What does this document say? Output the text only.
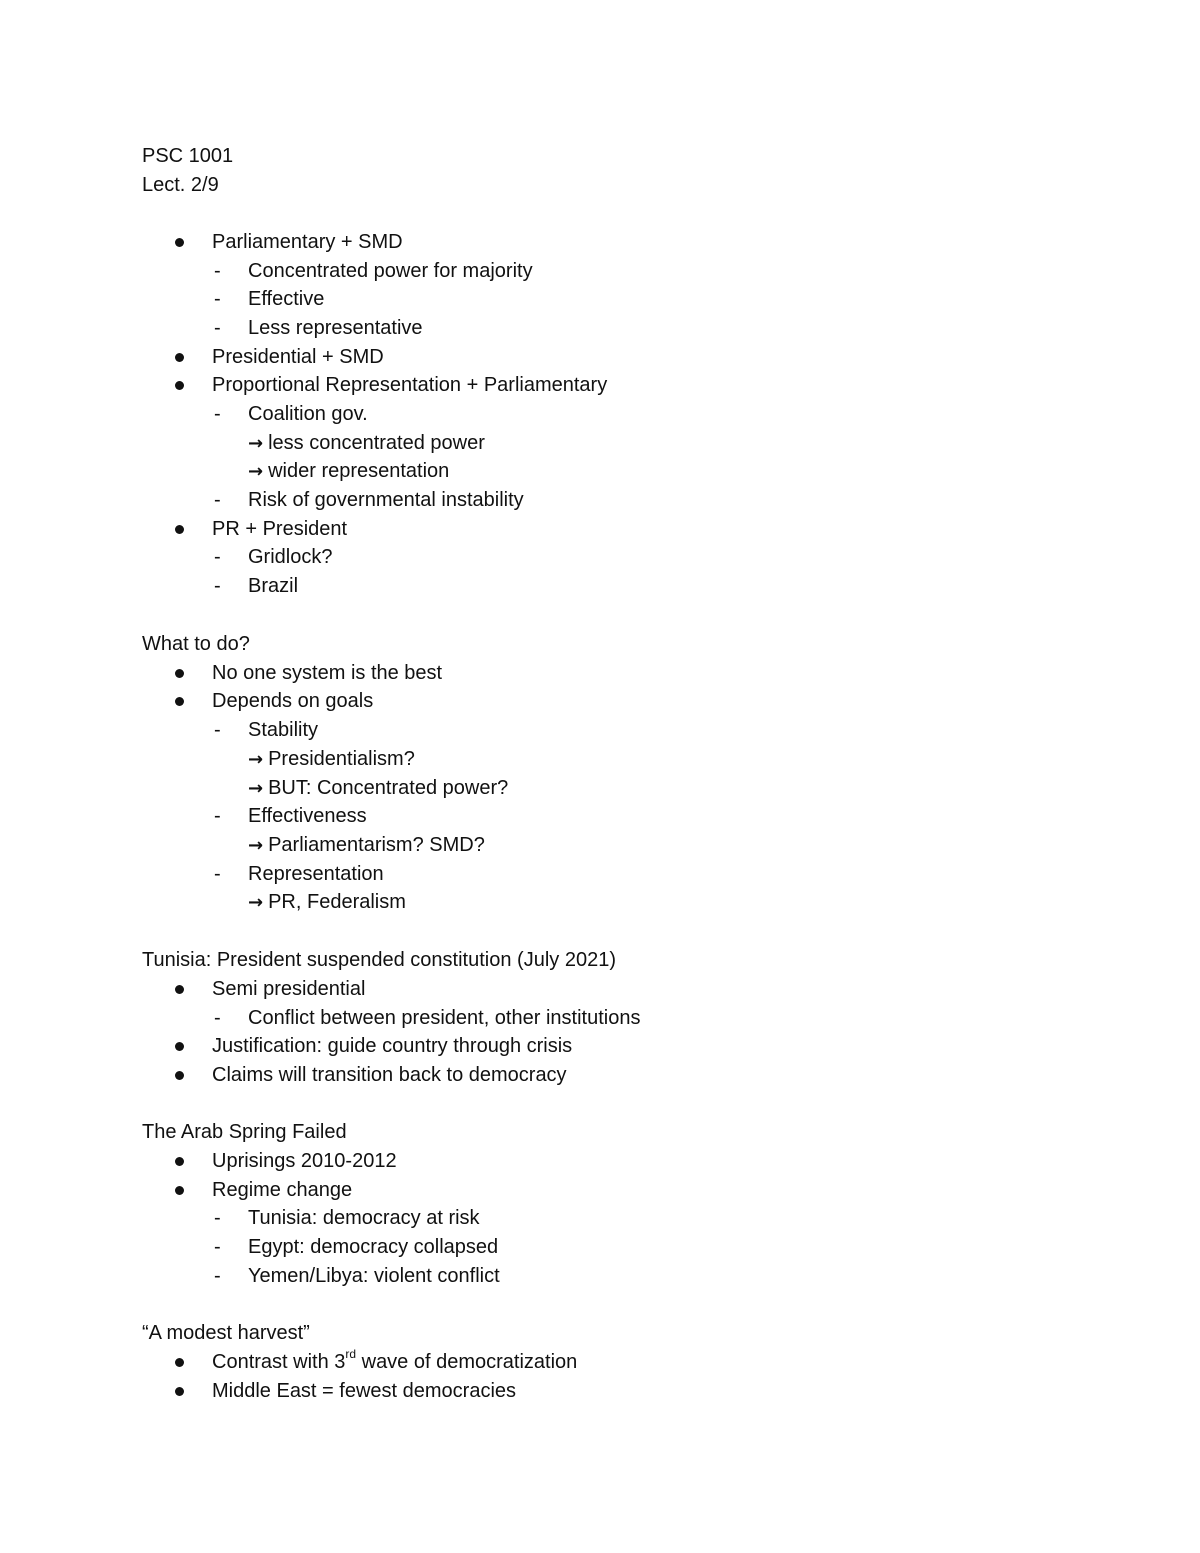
PSC 1001
Lect. 2/9
Parliamentary + SMD
- Concentrated power for majority
- Effective
- Less representative
Presidential + SMD
Proportional Representation + Parliamentary
- Coalition gov.
→ less concentrated power
→ wider representation
- Risk of governmental instability
PR + President
- Gridlock?
- Brazil
What to do?
No one system is the best
Depends on goals
- Stability
→ Presidentialism?
→ BUT: Concentrated power?
- Effectiveness
→ Parliamentarism? SMD?
- Representation
→ PR, Federalism
Tunisia: President suspended constitution (July 2021)
Semi presidential
- Conflict between president, other institutions
Justification: guide country through crisis
Claims will transition back to democracy
The Arab Spring Failed
Uprisings 2010-2012
Regime change
- Tunisia: democracy at risk
- Egypt: democracy collapsed
- Yemen/Libya: violent conflict
“A modest harvest”
Contrast with 3rd wave of democratization
Middle East = fewest democracies
